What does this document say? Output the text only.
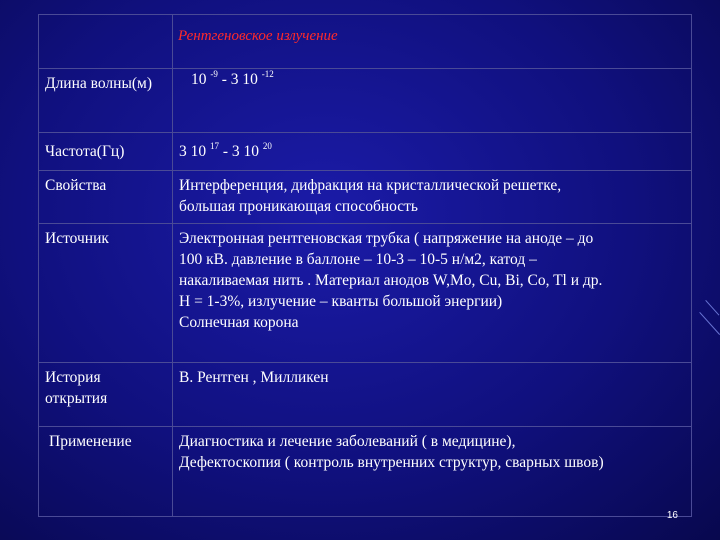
	Рентгеновское излучение
Длина волны(м)	10 $^{-9}$ - 3 10 $^{-12}$
Частота(Гц)	3 10 $^{17}$ - 3 10 $^{20}$
Свойства	Интерференция, дифракция на кристаллической решетке,
большая проникающая способность

Источник	Электронная рентгеновская трубка ( напряжение на аноде – до
100 кВ. давление в баллоне – 10-3 – 10-5 н/м2, катод –
накаливаемая нить . Материал анодов W,Mo, Cu, Bi, Co, Tl и др.
Н = 1-3%, излучение – кванты большой энергии)
Солнечная корона

История открытия	В. Рентген , Милликен
Применение	Диагностика и лечение заболеваний ( в медицине),
Дефектоскопия ( контроль внутренних структур, сварных швов)
16
